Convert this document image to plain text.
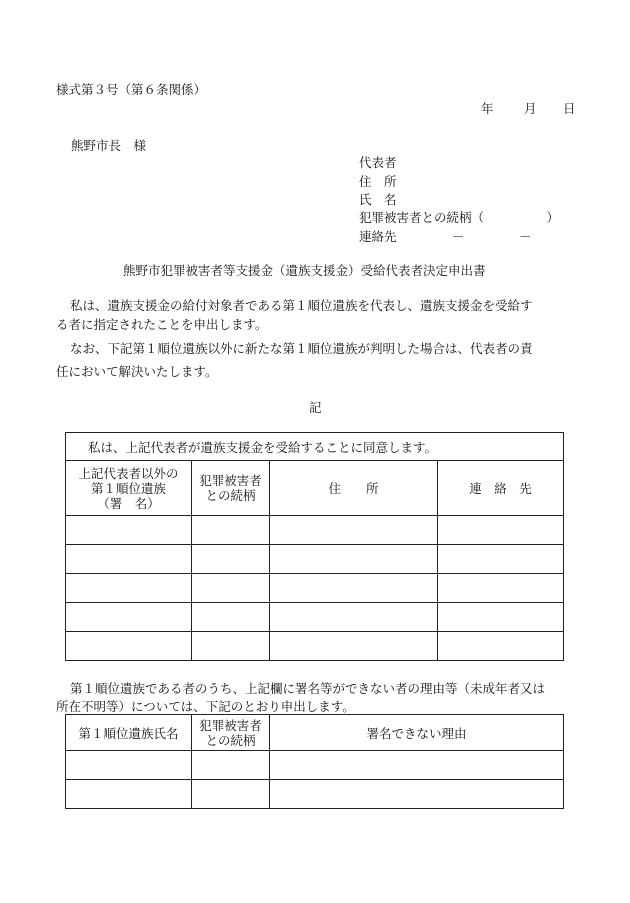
様式第３号（第６条関係）
年 月 日
熊野市長　様
代表者
住　所
氏　名
犯罪被害者との続柄（　　　　　）
連絡先	－	－
熊野市犯罪被害者等支援金（遺族支援金）受給代表者決定申出書
私は、遺族支援金の給付対象者である第１順位遺族を代表し、遺族支援金を受給す
る者に指定されたことを申出します。
なお、下記第１順位遺族以外に新たな第１順位遺族が判明した場合は、代表者の責
任において解決いたします。
記
私は、上記代表者が遺族支援金を受給することに同意します。			

上記代表者以外の
第１順位遺族
（署　名）	犯罪被害者
との続柄	住　　所	連　絡　先

第１順位遺族である者のうち、上記欄に署名等ができない者の理由等（未成年者又は
所在不明等）については、下記のとおり申出します。
第１順位遺族氏名	犯罪被害者
との続柄	署名できない理由
